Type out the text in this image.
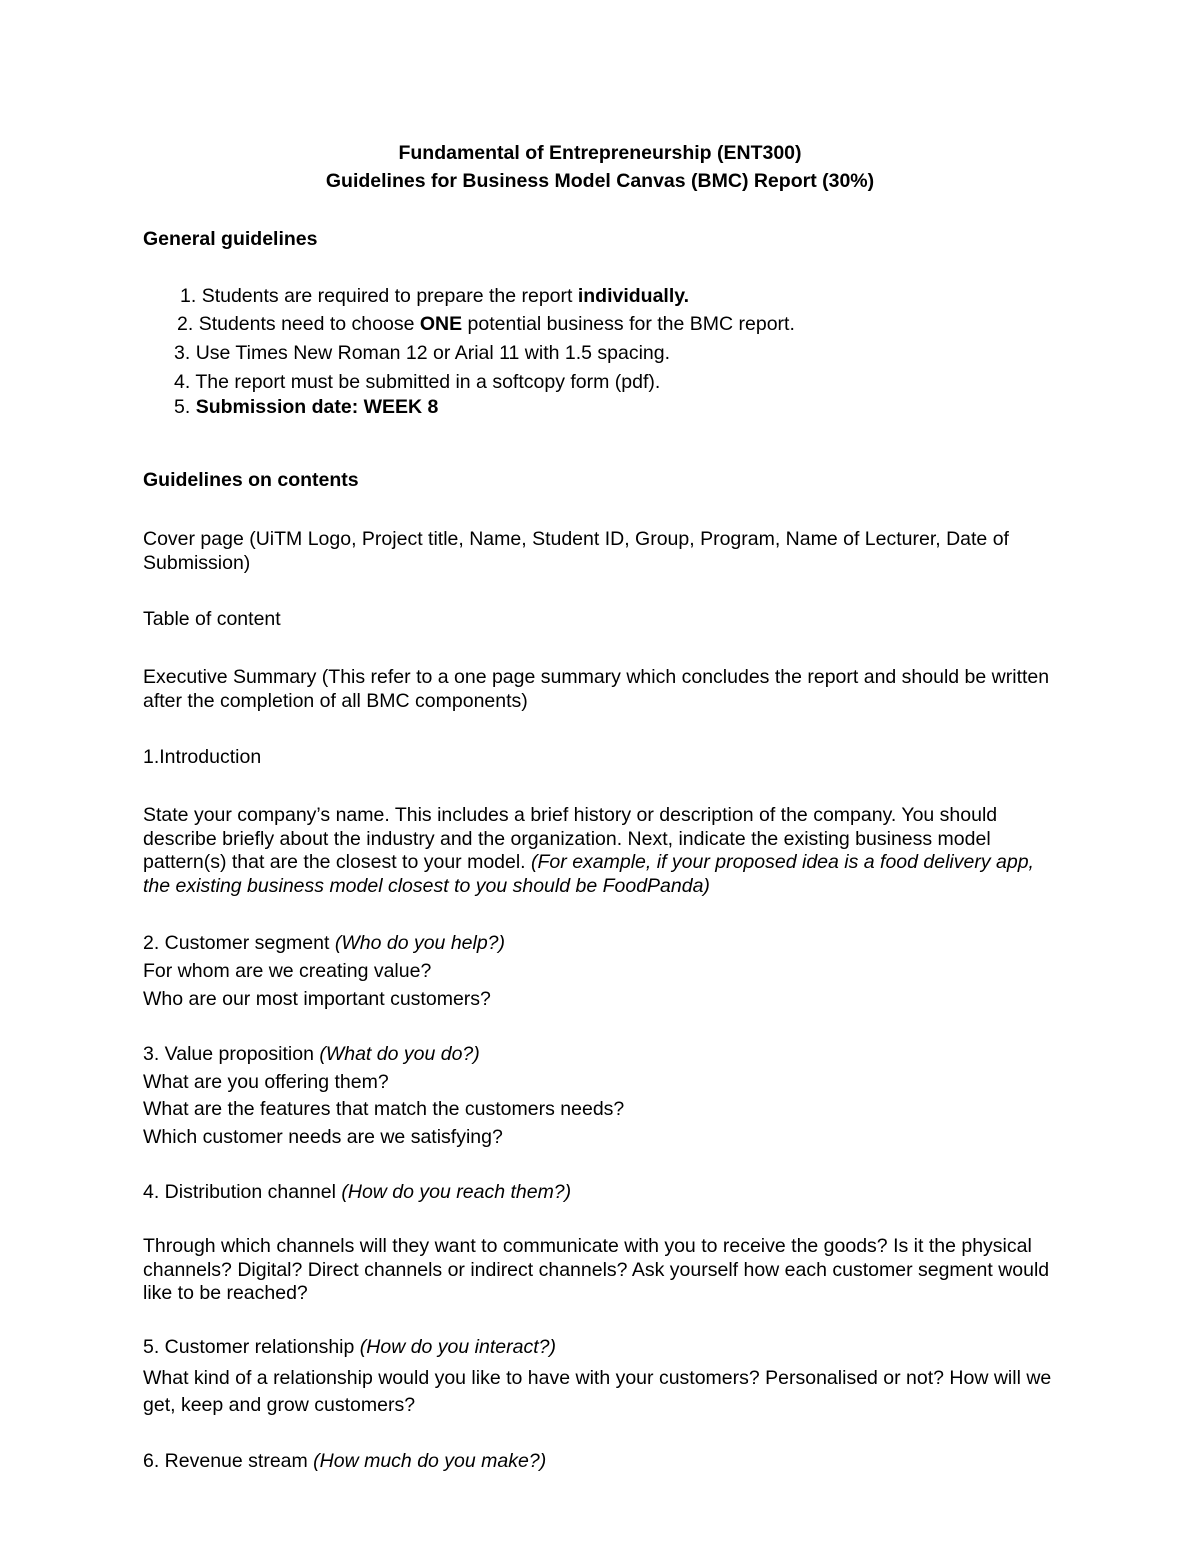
Fundamental of Entrepreneurship (ENT300)
Guidelines for Business Model Canvas (BMC) Report (30%)
General guidelines
1. Students are required to prepare the report individually.
2. Students need to choose ONE potential business for the BMC report.
3. Use Times New Roman 12 or Arial 11 with 1.5 spacing.
4. The report must be submitted in a softcopy form (pdf).
5. Submission date: WEEK 8
Guidelines on contents
Cover page (UiTM Logo, Project title, Name, Student ID, Group, Program, Name of Lecturer, Date of Submission)
Table of content
Executive Summary (This refer to a one page summary which concludes the report and should be written after the completion of all BMC components)
1.Introduction
State your company’s name. This includes a brief history or description of the company. You should describe briefly about the industry and the organization. Next, indicate the existing business model pattern(s) that are the closest to your model. (For example, if your proposed idea is a food delivery app, the existing business model closest to you should be FoodPanda)
2. Customer segment (Who do you help?)
For whom are we creating value?
Who are our most important customers?
3. Value proposition (What do you do?)
What are you offering them?
What are the features that match the customers needs?
Which customer needs are we satisfying?
4. Distribution channel (How do you reach them?)
Through which channels will they want to communicate with you to receive the goods? Is it the physical channels? Digital? Direct channels or indirect channels? Ask yourself how each customer segment would like to be reached?
5. Customer relationship (How do you interact?)
What kind of a relationship would you like to have with your customers? Personalised or not? How will we get, keep and grow customers?
6. Revenue stream (How much do you make?)
